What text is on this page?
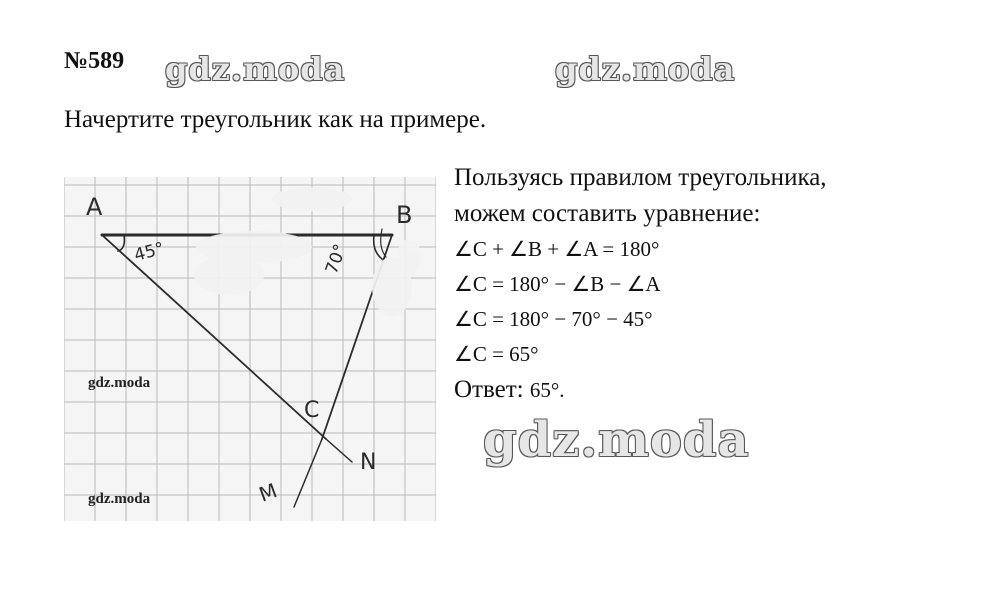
№589 gdz.moda	gdz.moda
Начертите треугольник как на примере.
A	B
C
N
M
45°	70°
gdz.moda
gdz.moda
Пользуясь правилом треугольника,
можем составить уравнение:
∠C + ∠B + ∠A = 180°
∠C = 180° − ∠B − ∠A
∠C = 180° − 70° − 45°
∠C = 65°
Ответ: 65°.
gdz.moda
